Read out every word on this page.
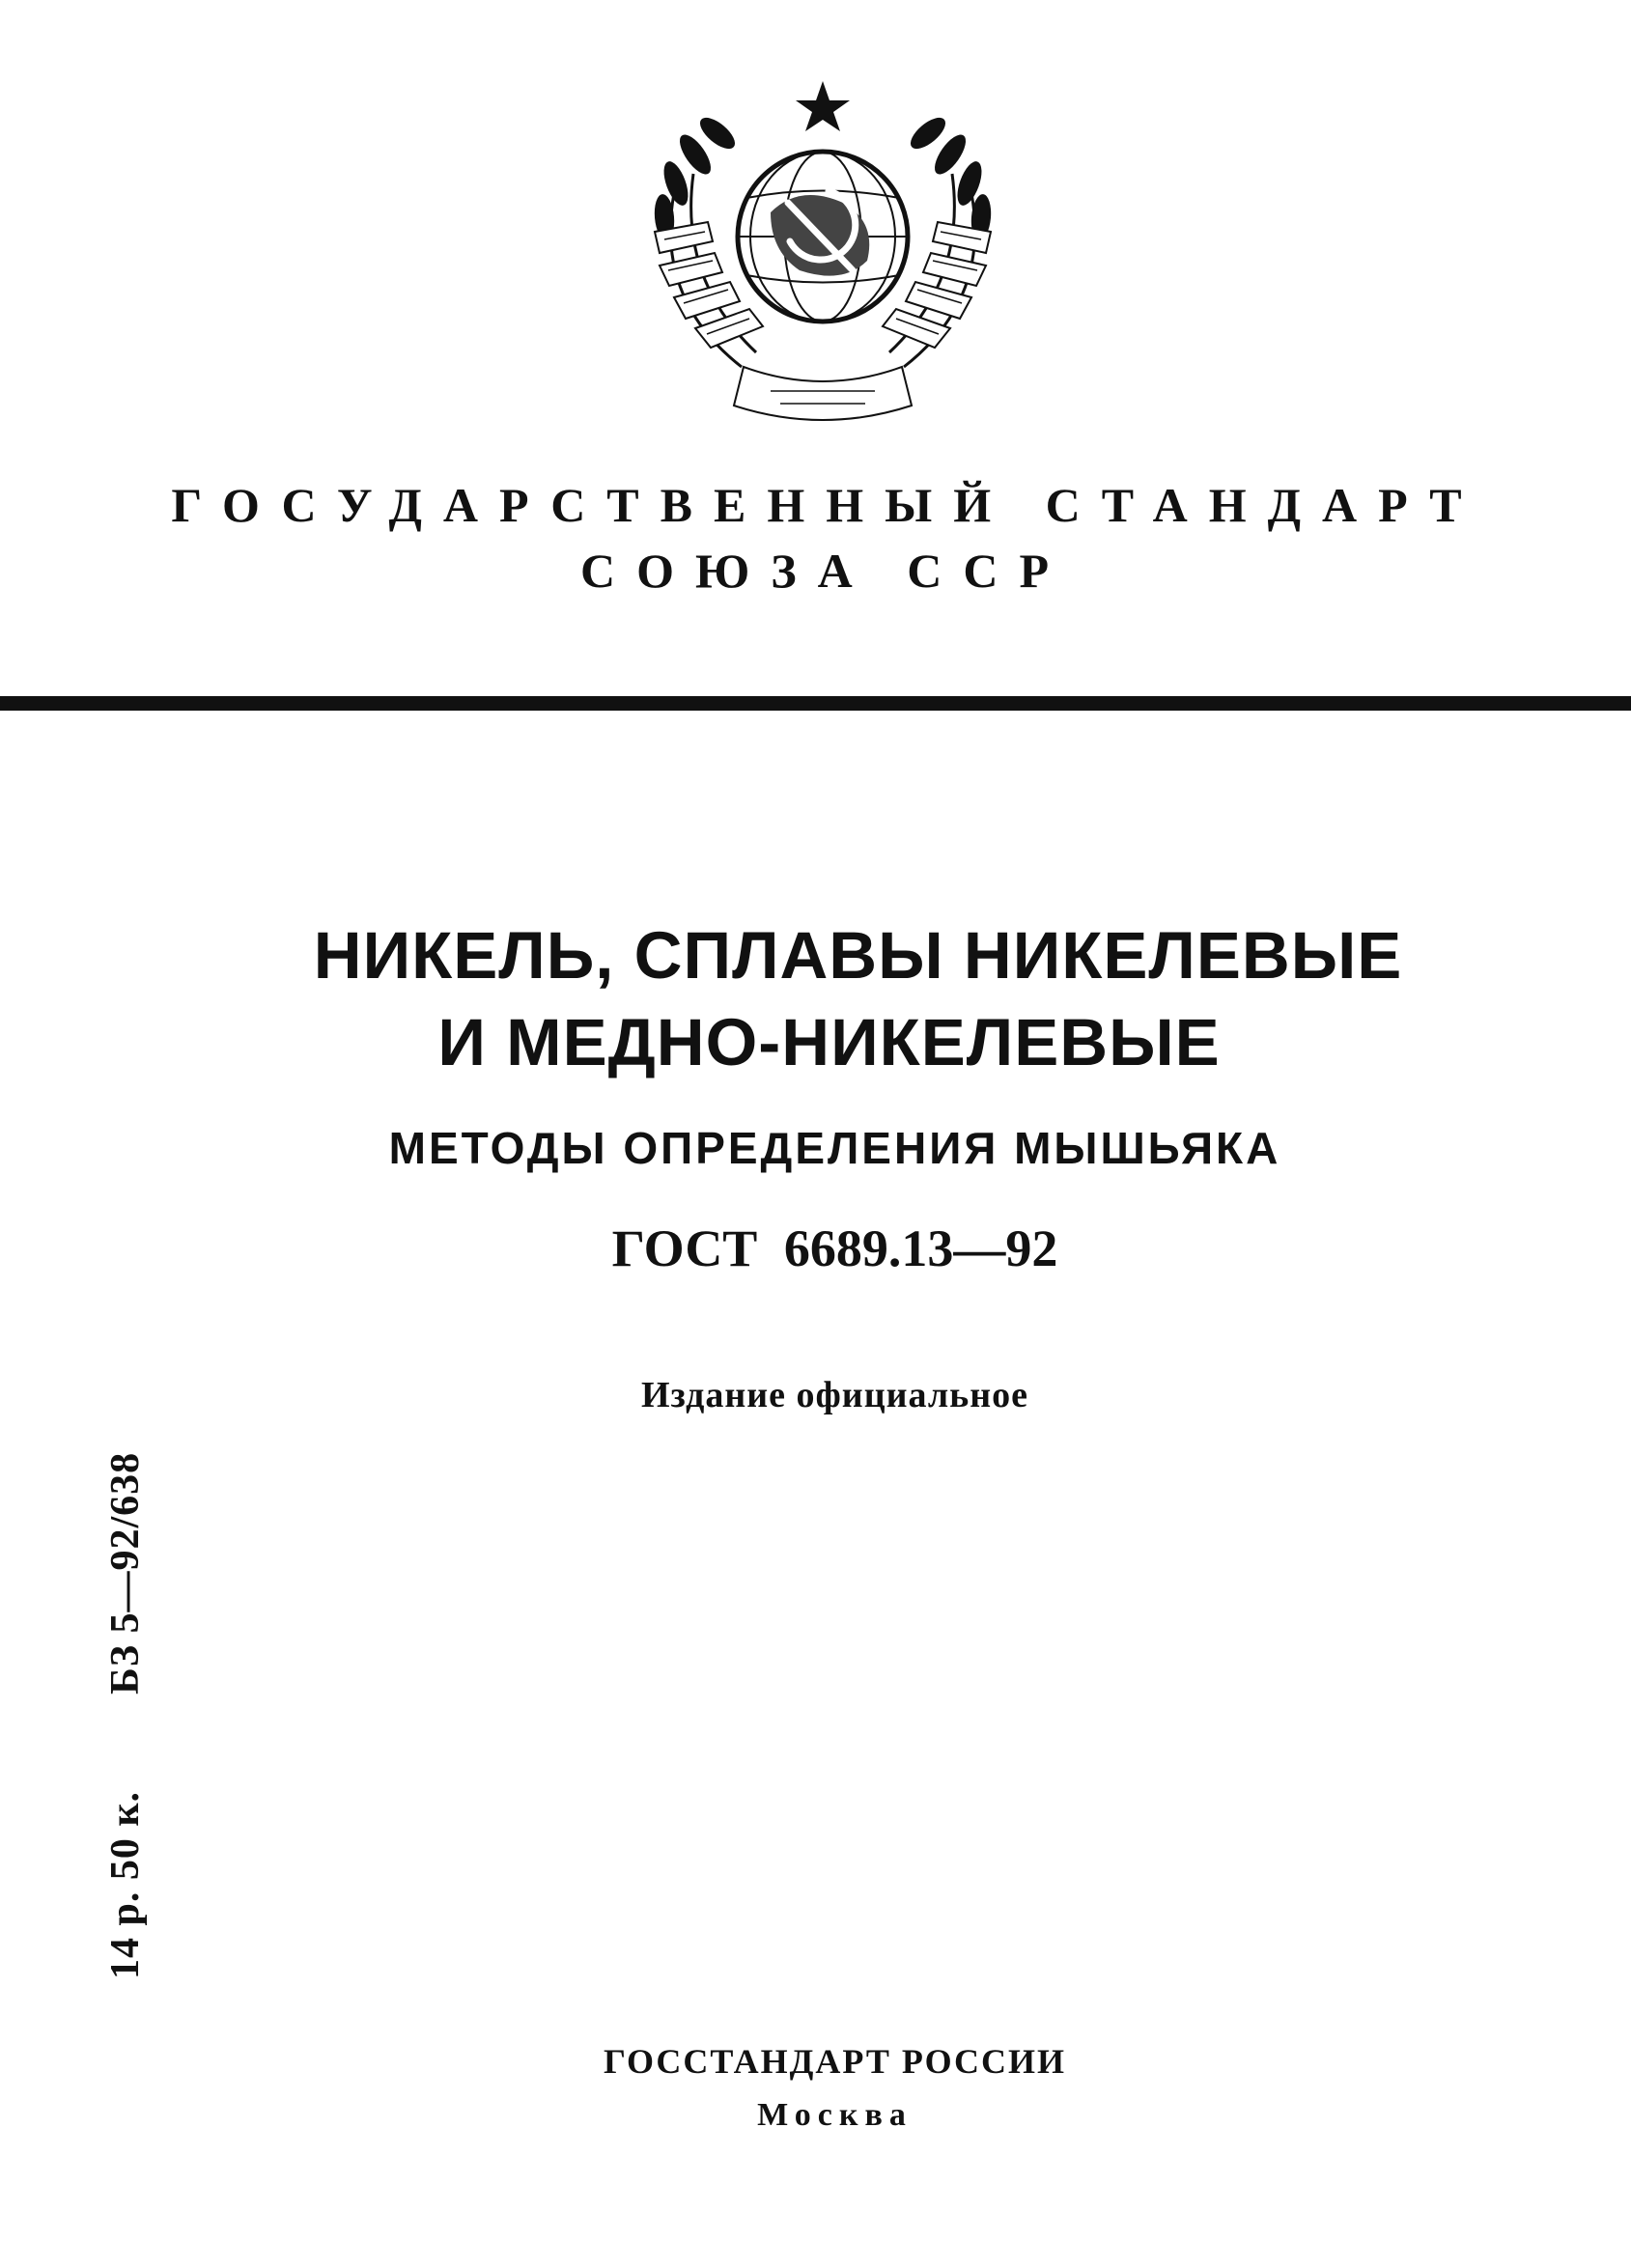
ГОСУДАРСТВЕННЫЙ СТАНДАРТ
СОЮЗА ССР
НИКЕЛЬ, СПЛАВЫ НИКЕЛЕВЫЕ
И МЕДНО-НИКЕЛЕВЫЕ
МЕТОДЫ ОПРЕДЕЛЕНИЯ МЫШЬЯКА
ГОСТ 6689.13—92
Издание официальное
14 р. 50 к.БЗ 5—92/638
ГОССТАНДАРТ РОССИИ
Москва
